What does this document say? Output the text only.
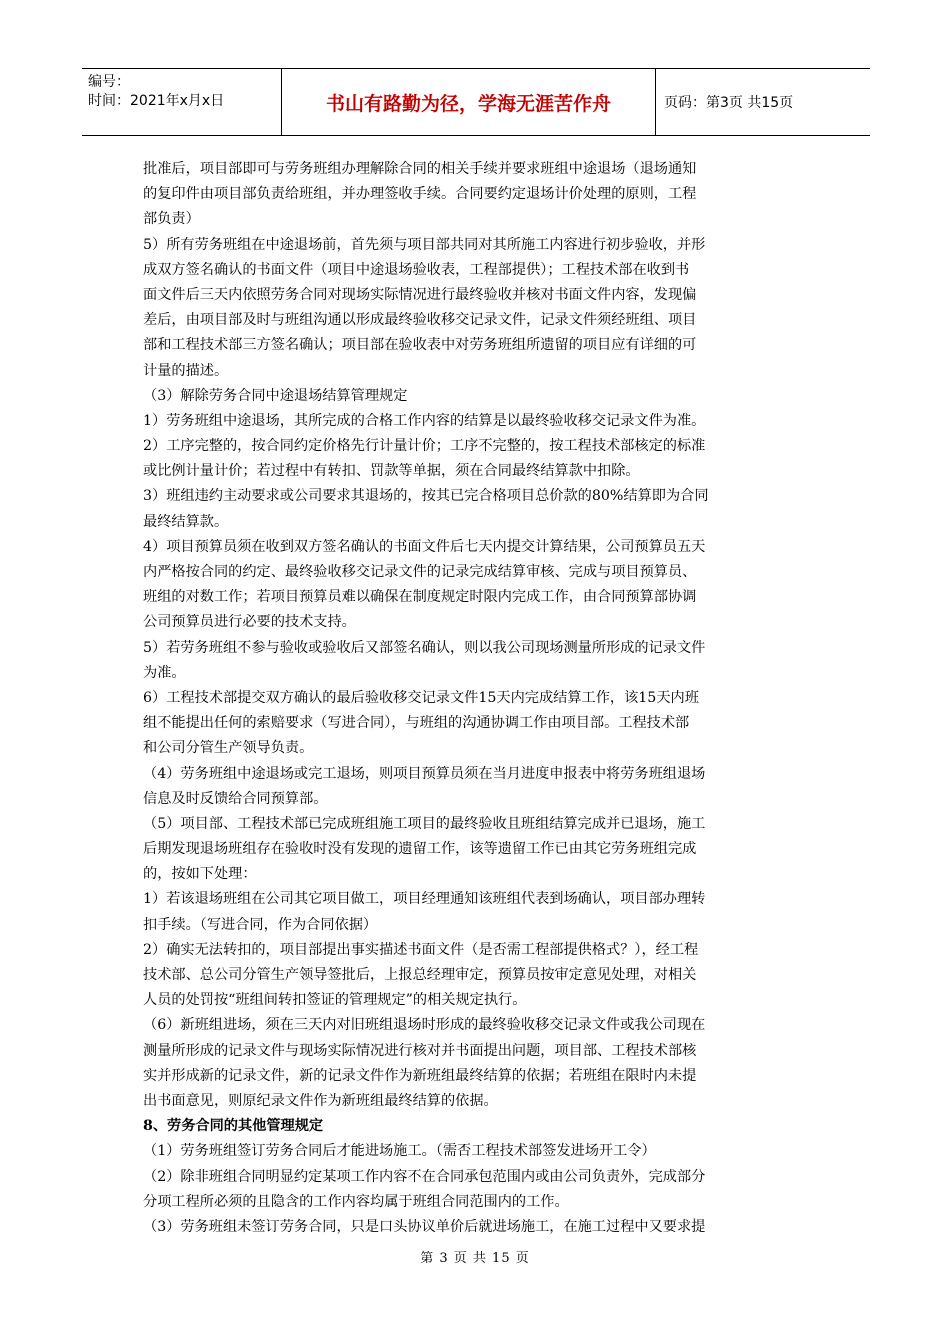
编号：
时间：2021年x月x日	书山有路勤为径，学海无涯苦作舟	页码：第3页 共15页
批准后，项目部即可与劳务班组办理解除合同的相关手续并要求班组中途退场（退场通知
的复印件由项目部负责给班组，并办理签收手续。合同要约定退场计价处理的原则，工程
部负责）
5）所有劳务班组在中途退场前，首先须与项目部共同对其所施工内容进行初步验收，并形
成双方签名确认的书面文件（项目中途退场验收表，工程部提供）；工程技术部在收到书
面文件后三天内依照劳务合同对现场实际情况进行最终验收并核对书面文件内容，发现偏
差后，由项目部及时与班组沟通以形成最终验收移交记录文件，记录文件须经班组、项目
部和工程技术部三方签名确认；项目部在验收表中对劳务班组所遗留的项目应有详细的可
计量的描述。
（3）解除劳务合同中途退场结算管理规定
1）劳务班组中途退场，其所完成的合格工作内容的结算是以最终验收移交记录文件为准。
2）工序完整的，按合同约定价格先行计量计价；工序不完整的，按工程技术部核定的标准
或比例计量计价；若过程中有转扣、罚款等单据，须在合同最终结算款中扣除。
3）班组违约主动要求或公司要求其退场的，按其已完合格项目总价款的80%结算即为合同
最终结算款。
4）项目预算员须在收到双方签名确认的书面文件后七天内提交计算结果，公司预算员五天
内严格按合同的约定、最终验收移交记录文件的记录完成结算审核、完成与项目预算员、
班组的对数工作；若项目预算员难以确保在制度规定时限内完成工作，由合同预算部协调
公司预算员进行必要的技术支持。
5）若劳务班组不参与验收或验收后又部签名确认，则以我公司现场测量所形成的记录文件
为准。
6）工程技术部提交双方确认的最后验收移交记录文件15天内完成结算工作，该15天内班
组不能提出任何的索赔要求（写进合同），与班组的沟通协调工作由项目部。工程技术部
和公司分管生产领导负责。
（4）劳务班组中途退场或完工退场，则项目预算员须在当月进度申报表中将劳务班组退场
信息及时反馈给合同预算部。
（5）项目部、工程技术部已完成班组施工项目的最终验收且班组结算完成并已退场，施工
后期发现退场班组存在验收时没有发现的遗留工作，该等遗留工作已由其它劳务班组完成
的，按如下处理：
1）若该退场班组在公司其它项目做工，项目经理通知该班组代表到场确认，项目部办理转
扣手续。（写进合同，作为合同依据）
2）确实无法转扣的，项目部提出事实描述书面文件（是否需工程部提供格式？），经工程
技术部、总公司分管生产领导签批后，上报总经理审定，预算员按审定意见处理，对相关
人员的处罚按“班组间转扣签证的管理规定”的相关规定执行。
（6）新班组进场，须在三天内对旧班组退场时形成的最终验收移交记录文件或我公司现在
测量所形成的记录文件与现场实际情况进行核对并书面提出问题，项目部、工程技术部核
实并形成新的记录文件，新的记录文件作为新班组最终结算的依据；若班组在限时内未提
出书面意见，则原纪录文件作为新班组最终结算的依据。
8、劳务合同的其他管理规定
（1）劳务班组签订劳务合同后才能进场施工。（需否工程技术部签发进场开工令）
（2）除非班组合同明显约定某项工作内容不在合同承包范围内或由公司负责外，完成部分
分项工程所必须的且隐含的工作内容均属于班组合同范围内的工作。
（3）劳务班组未签订劳务合同，只是口头协议单价后就进场施工，在施工过程中又要求提
第 3 页 共 15 页
